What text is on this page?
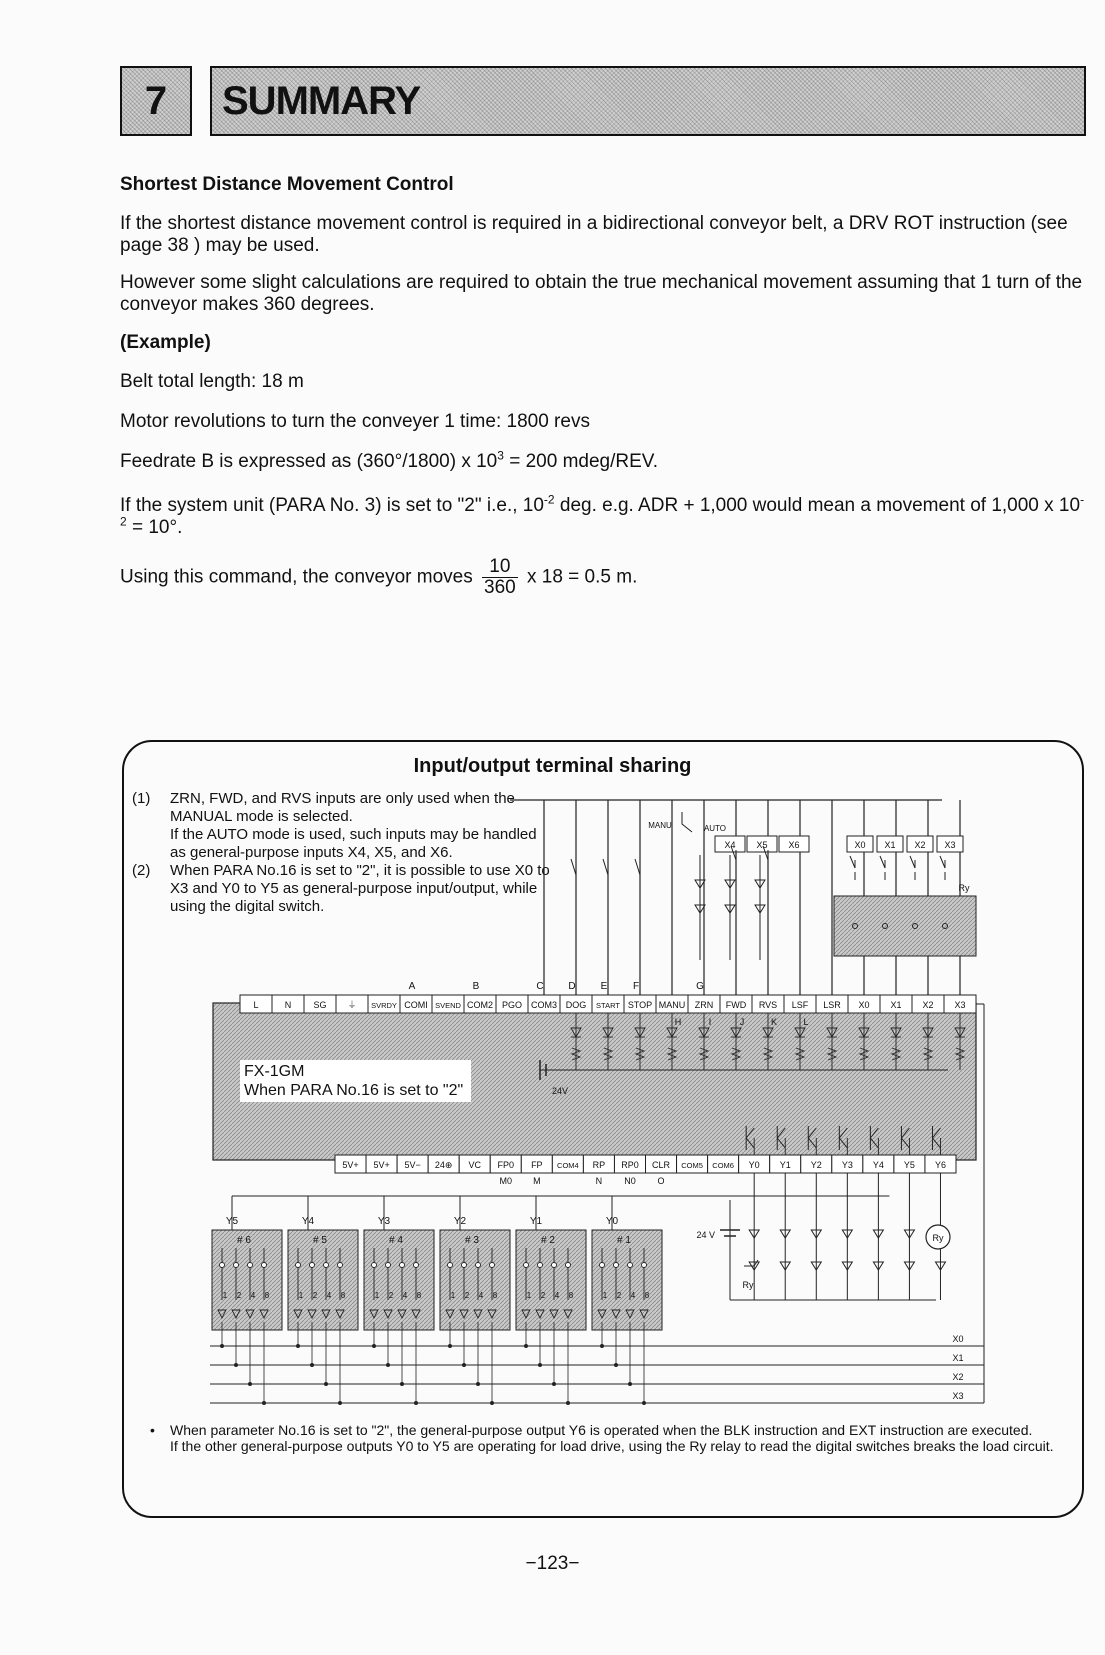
7 SUMMARY
Shortest Distance Movement Control
If the shortest distance movement control is required in a bidirectional conveyor belt, a DRV ROT instruction (see page 38 ) may be used.
However some slight calculations are required to obtain the true mechanical movement assuming that 1 turn of the conveyor makes 360 degrees.
(Example)
Belt total length: 18 m
Motor revolutions to turn the conveyer 1 time: 1800 revs
Feedrate B is expressed as (360°/1800) x $10^3 = 200$ mdeg/REV.
If the system unit (PARA No. 3) is set to "2" i.e., $10^{-2}$ deg. e.g. ADR + 1,000 would mean a movement of 1,000 x $10^{-2} = 10^\circ$.
Using this command, the conveyor moves $\frac{10}{360}$ x 18 = 0.5 m.
Input/output terminal sharing
(1)	ZRN, FWD, and RVS inputs are only used when the MANUAL mode is selected.
If the AUTO mode is used, such inputs may be handled as general-purpose inputs X4, X5, and X6.
(2)	When PARA No.16 is set to "2", it is possible to use X0 to X3 and Y0 to Y5 as general-purpose input/output, while using the digital switch.
L	N SG ⏚ SVRDY COMI SVEND COM2 PGO COM3 DOG START STOP MANU ZRN FWD RVS LSF LSR X0 X1 X2 X3
A	B	C D	E	F	G
5V+ 5V+ 5V− 24⊕ VC FP0 FP COM4 RP RP0 CLR COM5 COM6 Y0 Y1 Y2 Y3 Y4 Y5 Y6
M0 M	N N0 O
H	I	J	K	L
24V
MANU	AUTO
X4 X5 X6	X0 X1 X2 X3
Ry
Y5
# 6
1 2 4 8
Y4
# 5
1 2 4 8
Y3
# 4
1 2 4 8
Y2
# 3
1 2 4 8
Y1
# 2
1 2 4 8
Y0
# 1
1 2 4 8
X0
X1
X2
X3
24 V	Ry
Ry
FX-1GM
When PARA No.16 is set to "2"
• When parameter No.16 is set to "2", the general-purpose output Y6 is operated when the BLK instruction and EXT instruction are executed.
If the other general-purpose outputs Y0 to Y5 are operating for load drive, using the Ry relay to read the digital switches breaks the load circuit.
−123−
